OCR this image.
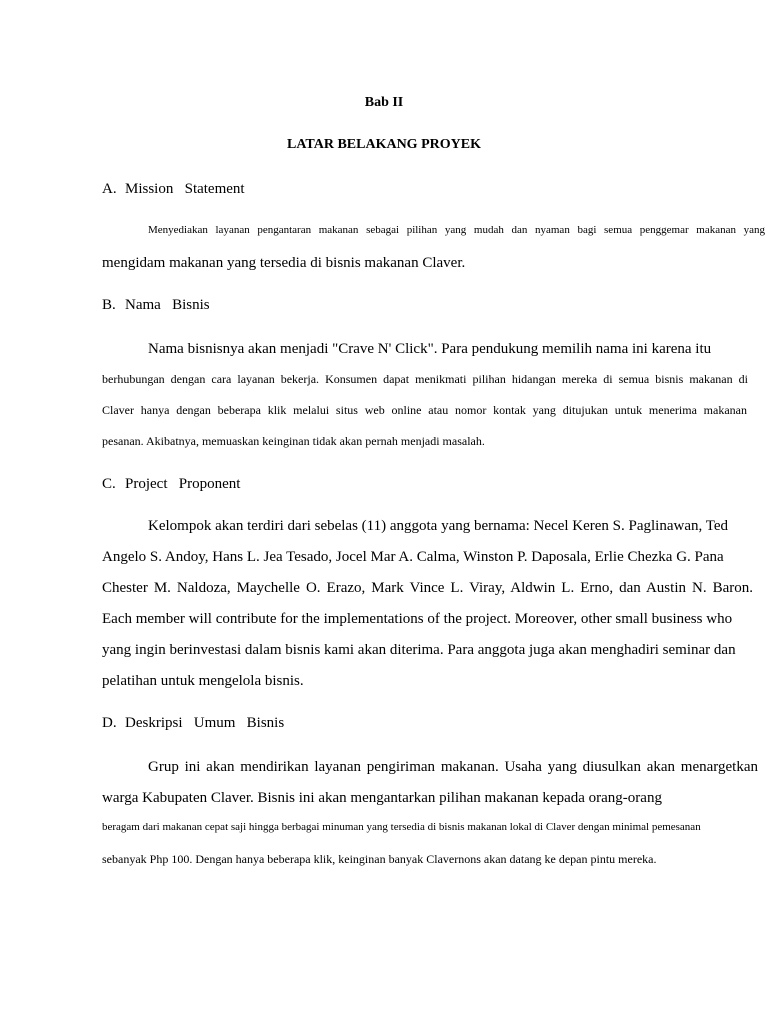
Bab II

LATAR BELAKANG PROYEK

A. Mission   Statement

Menyediakan layanan pengantaran makanan sebagai pilihan yang mudah dan nyaman bagi semua penggemar makanan yang

mengidam makanan yang tersedia di bisnis makanan Claver.

B. Nama   Bisnis

Nama bisnisnya akan menjadi "Crave N' Click". Para pendukung memilih nama ini karena itu

berhubungan dengan cara layanan bekerja. Konsumen dapat menikmati pilihan hidangan mereka di semua bisnis makanan di

Claver hanya dengan beberapa klik melalui situs web online atau nomor kontak yang ditujukan untuk menerima makanan

pesanan. Akibatnya, memuaskan keinginan tidak akan pernah menjadi masalah.

C. Project   Proponent

Kelompok akan terdiri dari sebelas (11) anggota yang bernama: Necel Keren S. Paglinawan, Ted

Angelo S. Andoy, Hans L. Jea Tesado, Jocel Mar A. Calma, Winston P. Daposala, Erlie Chezka G. Pana

Chester M. Naldoza, Maychelle O. Erazo, Mark Vince L. Viray, Aldwin L. Erno, dan Austin N. Baron.

Each member will contribute for the implementations of the project. Moreover, other small business who

yang ingin berinvestasi dalam bisnis kami akan diterima. Para anggota juga akan menghadiri seminar dan

pelatihan untuk mengelola bisnis.

D. Deskripsi   Umum   Bisnis

Grup ini akan mendirikan layanan pengiriman makanan. Usaha yang diusulkan akan menargetkan

warga Kabupaten Claver. Bisnis ini akan mengantarkan pilihan makanan kepada orang-orang

beragam dari makanan cepat saji hingga berbagai minuman yang tersedia di bisnis makanan lokal di Claver dengan minimal pemesanan

sebanyak Php 100. Dengan hanya beberapa klik, keinginan banyak Clavernons akan datang ke depan pintu mereka.
